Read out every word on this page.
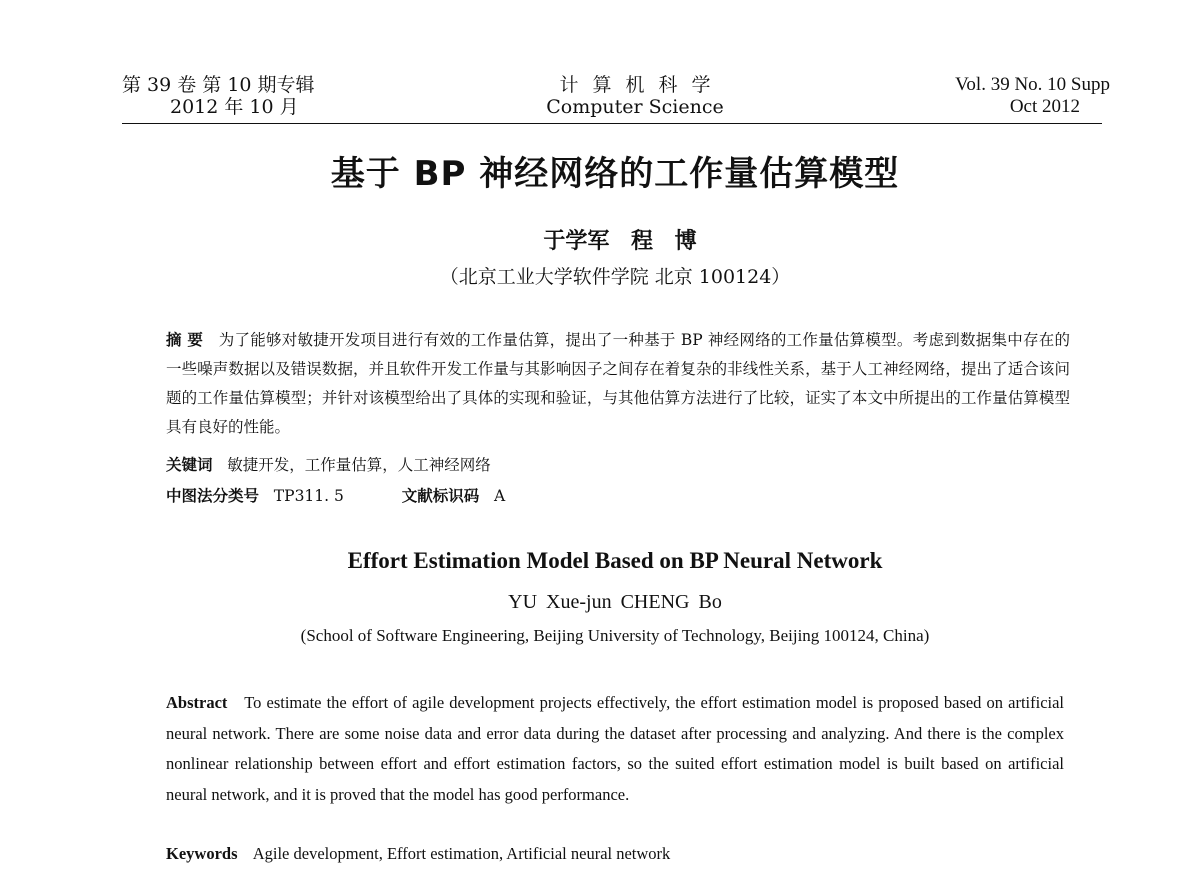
第 39 卷 第 10 期专辑
2012 年 10 月
计算机科学
Computer Science
Vol. 39 No. 10 Supp
Oct 2012
基于 BP 神经网络的工作量估算模型
于学军 程 博
（北京工业大学软件学院 北京 100124）
摘 要 为了能够对敏捷开发项目进行有效的工作量估算，提出了一种基于 BP 神经网络的工作量估算模型。考虑到数据集中存在的一些噪声数据以及错误数据，并且软件开发工作量与其影响因子之间存在着复杂的非线性关系，基于人工神经网络，提出了适合该问题的工作量估算模型；并针对该模型给出了具体的实现和验证，与其他估算方法进行了比较，证实了本文中所提出的工作量估算模型具有良好的性能。
关键词 敏捷开发，工作量估算，人工神经网络
中图法分类号 TP311. 5	文献标识码 A
Effort Estimation Model Based on BP Neural Network
YU Xue-jun CHENG Bo
(School of Software Engineering, Beijing University of Technology, Beijing 100124, China)
Abstract To estimate the effort of agile development projects effectively, the effort estimation model is proposed based on artificial neural network. There are some noise data and error data during the dataset after processing and analyzing. And there is the complex nonlinear relationship between effort and effort estimation factors, so the suited effort estimation model is built based on artificial neural network, and it is proved that the model has good performance.
Keywords Agile development, Effort estimation, Artificial neural network
